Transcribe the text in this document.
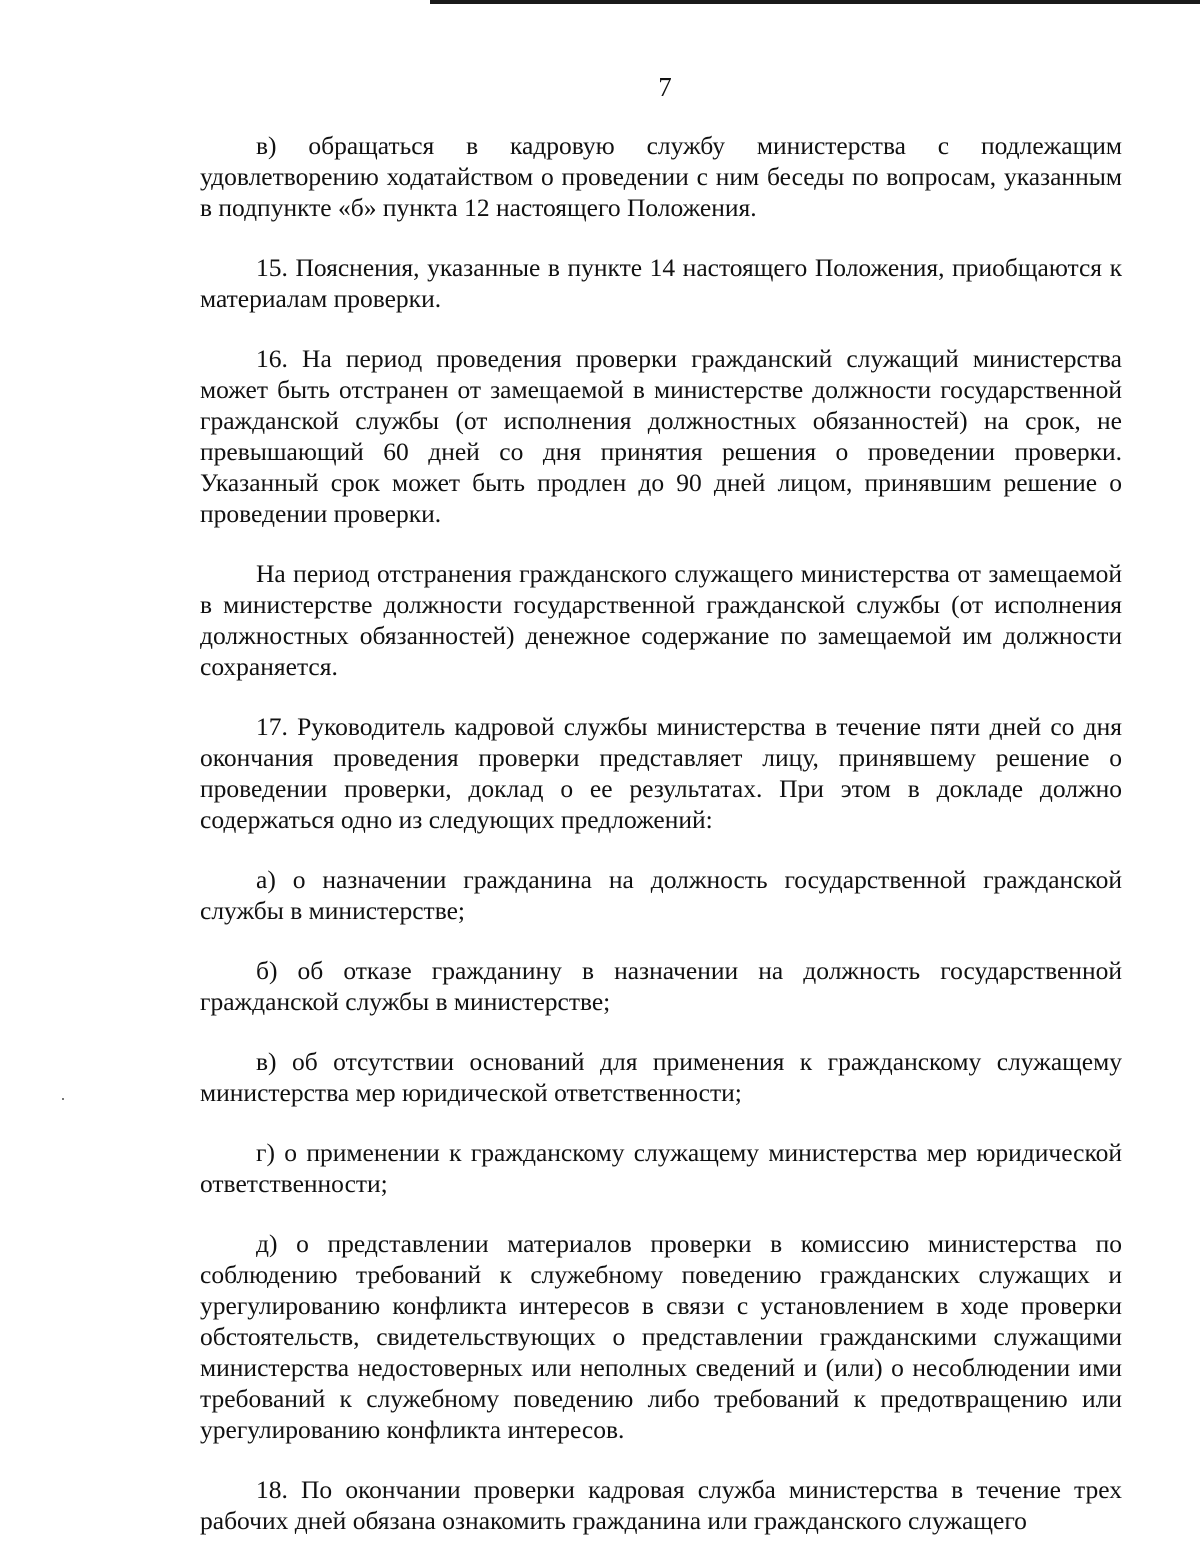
7

в) обращаться в кадровую службу министерства с подлежащим удовлетворению ходатайством о проведении с ним беседы по вопросам, указанным в подпункте «б» пункта 12 настоящего Положения.

15. Пояснения, указанные в пункте 14 настоящего Положения, приобщаются к материалам проверки.

16. На период проведения проверки гражданский служащий министерства может быть отстранен от замещаемой в министерстве должности государственной гражданской службы (от исполнения должностных обязанностей) на срок, не превышающий 60 дней со дня принятия решения о проведении проверки. Указанный срок может быть продлен до 90 дней лицом, принявшим решение о проведении проверки.

На период отстранения гражданского служащего министерства от замещаемой в министерстве должности государственной гражданской службы (от исполнения должностных обязанностей) денежное содержание по замещаемой им должности сохраняется.

17. Руководитель кадровой службы министерства в течение пяти дней со дня окончания проведения проверки представляет лицу, принявшему решение о проведении проверки, доклад о ее результатах. При этом в докладе должно содержаться одно из следующих предложений:

а) о назначении гражданина на должность государственной гражданской службы в министерстве;

б) об отказе гражданину в назначении на должность государственной гражданской службы в министерстве;

в) об отсутствии оснований для применения к гражданскому служащему министерства мер юридической ответственности;

г) о применении к гражданскому служащему министерства мер юридической ответственности;

д) о представлении материалов проверки в комиссию министерства по соблюдению требований к служебному поведению гражданских служащих и урегулированию конфликта интересов в связи с установлением в ходе проверки обстоятельств, свидетельствующих о представлении гражданскими служащими министерства недостоверных или неполных сведений и (или) о несоблюдении ими требований к служебному поведению либо требований к предотвращению или урегулированию конфликта интересов.

18. По окончании проверки кадровая служба министерства в течение трех рабочих дней обязана ознакомить гражданина или гражданского служащего
